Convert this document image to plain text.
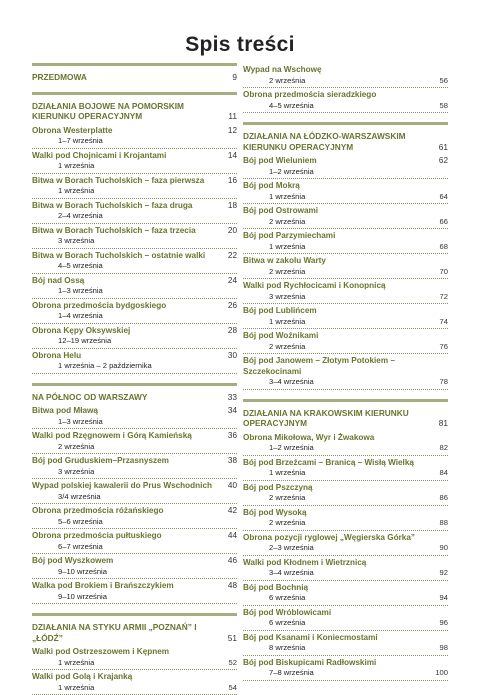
Spis treści
PRZEDMOWA	9
DZIAŁANIA BOJOWE NA POMORSKIM KIERUNKU OPERACYJNYM	11
Obrona Westerplatte	12
1–7 września
Walki pod Chojnicami i Krojantami	14
1 września
Bitwa w Borach Tucholskich – faza pierwsza	16
1 września
Bitwa w Borach Tucholskich – faza druga	18
2–4 września
Bitwa w Borach Tucholskich – faza trzecia	20
3 września
Bitwa w Borach Tucholskich – ostatnie walki	22
4–5 września
Bój nad Ossą	24
1–3 września
Obrona przedmościa bydgoskiego	26
1–4 września
Obrona Kępy Oksywskiej	28
12–19 września
Obrona Helu	30
1 września – 2 października
NA PÓŁNOC OD WARSZAWY	33
Bitwa pod Mławą	34
1–3 września
Walki pod Rzęgnowem i Górą Kamieńską	36
2 września
Bój pod Gruduskiem–Przasnyszem	38
3 września
Wypad polskiej kawalerii do Prus Wschodnich	40
3/4 września
Obrona przedmościa różańskiego	42
5–6 września
Obrona przedmościa pułtuskiego	44
6–7 września
Bój pod Wyszkowem	46
9–10 września
Walka pod Brokiem i Brańszczykiem	48
9–10 września
DZIAŁANIA NA STYKU ARMII „POZNAŃ” I „ŁÓDŹ”	51
Walki pod Ostrzeszowem i Kępnem
1 września	52
Walki pod Golą i Krajanką
1 września	54
Wypad na Wschowę
2 września	56
Obrona przedmościa sieradzkiego
4–5 września	58
DZIAŁANIA NA ŁÓDZKO-WARSZAWSKIM KIERUNKU OPERACYJNYM	61
Bój pod Wieluniem	62
1–2 września
Bój pod Mokrą
1 września	64
Bój pod Ostrowami
2 września	66
Bój pod Parzymiechami
1 września	68
Bitwa w zakolu Warty
2 września	70
Walki pod Rychłocicami i Konopnicą
3 września	72
Bój pod Lublińcem
1 września	74
Bój pod Woźnikami
2 września	76
Bój pod Janowem – Złotym Potokiem – Szczekocinami
3–4 września	78
DZIAŁANIA NA KRAKOWSKIM KIERUNKU OPERACYJNYM	81
Obrona Mikołowa, Wyr i Żwakowa
1–2 września	82
Bój pod Brzeźcami – Branicą – Wisłą Wielką
1 września	84
Bój pod Pszczyną
2 września	86
Bój pod Wysoką
2 września	88
Obrona pozycji ryglowej „Węgierska Górka”
2–3 września	90
Walki pod Kłodnem i Wietrznicą
3–4 września	92
Bój pod Bochnią
6 września	94
Bój pod Wróblowicami
6 września	96
Bój pod Ksanami i Koniecmostami
8 września	98
Bój pod Biskupicami Radłowskimi
7–8 września	100
